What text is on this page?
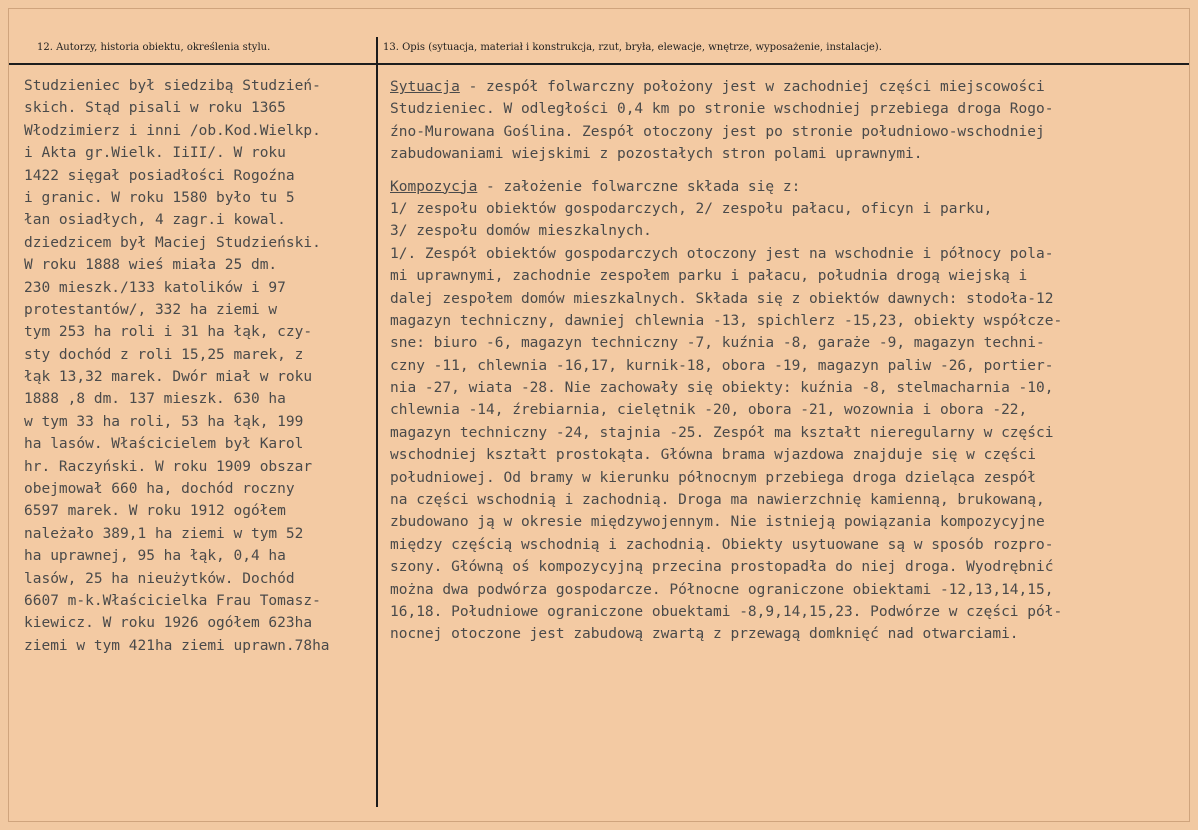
12. Autorzy, historia obiektu, określenia stylu.	13. Opis (sytuacja, materiał i konstrukcja, rzut, bryła, elewacje, wnętrze, wyposażenie, instalacje).
Studzieniec był siedzibą Studzień-
skich. Stąd pisali w roku 1365
Włodzimierz i inni /ob.Kod.Wielkp.
i Akta gr.Wielk. IiII/. W roku
1422 sięgał posiadłości Rogoźna
i granic. W roku 1580 było tu 5
łan osiadłych, 4 zagr.i kowal.
dziedzicem był Maciej Studzieński.
W roku 1888 wieś miała 25 dm.
230 mieszk./133 katolików i 97
protestantów/, 332 ha ziemi w
tym 253 ha roli i 31 ha łąk, czy-
sty dochód z roli 15,25 marek, z
łąk 13,32 marek. Dwór miał w roku
1888 ,8 dm. 137 mieszk. 630 ha
w tym 33 ha roli, 53 ha łąk, 199
ha lasów. Właścicielem był Karol
hr. Raczyński. W roku 1909 obszar
obejmował 660 ha, dochód roczny
6597 marek. W roku 1912 ogółem
należało 389,1 ha ziemi w tym 52
ha uprawnej, 95 ha łąk, 0,4 ha
lasów, 25 ha nieużytków. Dochód
6607 m-k.Właścicielka Frau Tomasz-
kiewicz. W roku 1926 ogółem 623ha
ziemi w tym 421ha ziemi uprawn.78ha
Sytuacja - zespół folwarczny położony jest w zachodniej części miejscowości
Studzieniec. W odległości 0,4 km po stronie wschodniej przebiega droga Rogo-
źno-Murowana Goślina. Zespół otoczony jest po stronie południowo-wschodniej
zabudowaniami wiejskimi z pozostałych stron polami uprawnymi.
Kompozycja - założenie folwarczne składa się z:
1/ zespołu obiektów gospodarczych, 2/ zespołu pałacu, oficyn i parku,
3/ zespołu domów mieszkalnych.
1/. Zespół obiektów gospodarczych otoczony jest na wschodnie i północy pola-
mi uprawnymi, zachodnie zespołem parku i pałacu, południa drogą wiejską i
dalej zespołem domów mieszkalnych. Składa się z obiektów dawnych: stodoła-12
magazyn techniczny, dawniej chlewnia -13, spichlerz -15,23, obiekty współcze-
sne: biuro -6, magazyn techniczny -7, kuźnia -8, garaże -9, magazyn techni-
czny -11, chlewnia -16,17, kurnik-18, obora -19, magazyn paliw -26, portier-
nia -27, wiata -28. Nie zachowały się obiekty: kuźnia -8, stelmacharnia -10,
chlewnia -14, źrebiarnia, cielętnik -20, obora -21, wozownia i obora -22,
magazyn techniczny -24, stajnia -25. Zespół ma kształt nieregularny w części
wschodniej kształt prostokąta. Główna brama wjazdowa znajduje się w części
południowej. Od bramy w kierunku północnym przebiega droga dzieląca zespół
na części wschodnią i zachodnią. Droga ma nawierzchnię kamienną, brukowaną,
zbudowano ją w okresie międzywojennym. Nie istnieją powiązania kompozycyjne
między częścią wschodnią i zachodnią. Obiekty usytuowane są w sposób rozpro-
szony. Główną oś kompozycyjną przecina prostopadła do niej droga. Wyodrębnić
można dwa podwórza gospodarcze. Północne ograniczone obiektami -12,13,14,15,
16,18. Południowe ograniczone obuektami -8,9,14,15,23. Podwórze w części pół-
nocnej otoczone jest zabudową zwartą z przewagą domknięć nad otwarciami.
